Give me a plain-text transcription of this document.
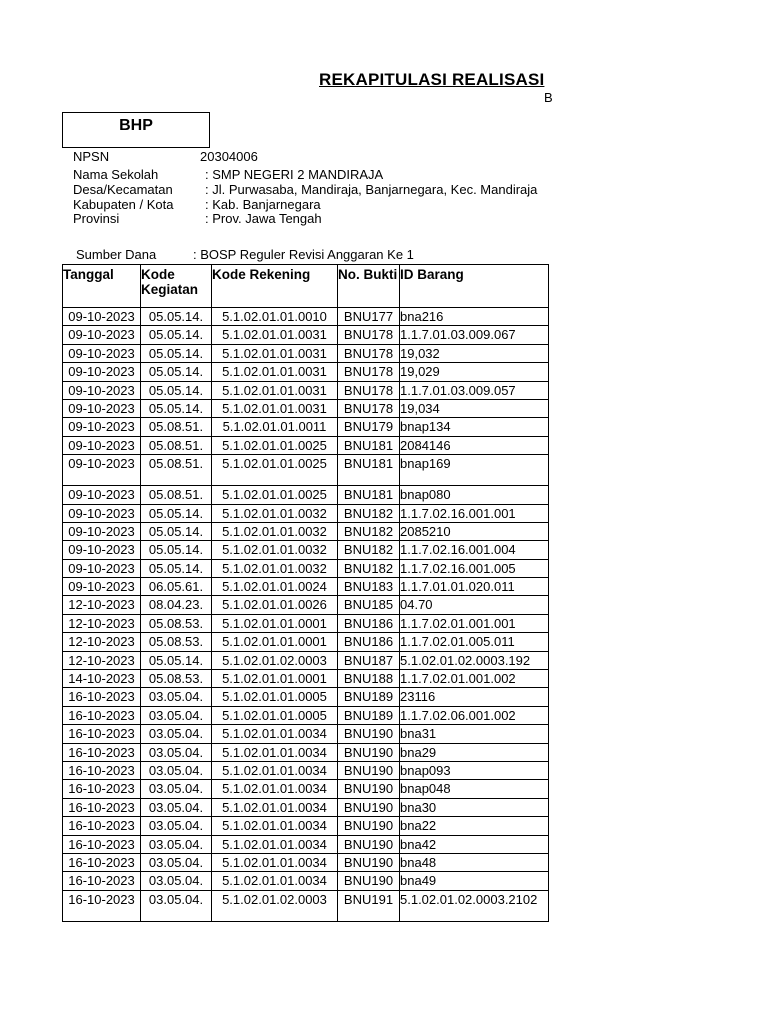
REKAPITULASI REALISASI
B
BHP
NPSN	20304006
Nama Sekolah	: SMP NEGERI 2 MANDIRAJA
Desa/Kecamatan : Jl. Purwasaba, Mandiraja, Banjarnegara, Kec. Mandiraja
Kabupaten / Kota : Kab. Banjarnegara
Provinsi	: Prov. Jawa Tengah
Sumber Dana	: BOSP Reguler Revisi Anggaran Ke 1
Tanggal	Kode Kegiatan	Kode Rekening	No. Bukti	ID Barang
09-10-2023	05.05.14.	5.1.02.01.01.0010	BNU177	bna216
09-10-2023	05.05.14.	5.1.02.01.01.0031	BNU178	1.1.7.01.03.009.067
09-10-2023	05.05.14.	5.1.02.01.01.0031	BNU178	19,032
09-10-2023	05.05.14.	5.1.02.01.01.0031	BNU178	19,029
09-10-2023	05.05.14.	5.1.02.01.01.0031	BNU178	1.1.7.01.03.009.057
09-10-2023	05.05.14.	5.1.02.01.01.0031	BNU178	19,034
09-10-2023	05.08.51.	5.1.02.01.01.0011	BNU179	bnap134
09-10-2023	05.08.51.	5.1.02.01.01.0025	BNU181	2084146
09-10-2023	05.08.51.	5.1.02.01.01.0025	BNU181	bnap169
09-10-2023	05.08.51.	5.1.02.01.01.0025	BNU181	bnap080
09-10-2023	05.05.14.	5.1.02.01.01.0032	BNU182	1.1.7.02.16.001.001
09-10-2023	05.05.14.	5.1.02.01.01.0032	BNU182	2085210
09-10-2023	05.05.14.	5.1.02.01.01.0032	BNU182	1.1.7.02.16.001.004
09-10-2023	05.05.14.	5.1.02.01.01.0032	BNU182	1.1.7.02.16.001.005
09-10-2023	06.05.61.	5.1.02.01.01.0024	BNU183	1.1.7.01.01.020.011
12-10-2023	08.04.23.	5.1.02.01.01.0026	BNU185	04.70
12-10-2023	05.08.53.	5.1.02.01.01.0001	BNU186	1.1.7.02.01.001.001
12-10-2023	05.08.53.	5.1.02.01.01.0001	BNU186	1.1.7.02.01.005.011
12-10-2023	05.05.14.	5.1.02.01.02.0003	BNU187	5.1.02.01.02.0003.192
14-10-2023	05.08.53.	5.1.02.01.01.0001	BNU188	1.1.7.02.01.001.002
16-10-2023	03.05.04.	5.1.02.01.01.0005	BNU189	23116
16-10-2023	03.05.04.	5.1.02.01.01.0005	BNU189	1.1.7.02.06.001.002
16-10-2023	03.05.04.	5.1.02.01.01.0034	BNU190	bna31
16-10-2023	03.05.04.	5.1.02.01.01.0034	BNU190	bna29
16-10-2023	03.05.04.	5.1.02.01.01.0034	BNU190	bnap093
16-10-2023	03.05.04.	5.1.02.01.01.0034	BNU190	bnap048
16-10-2023	03.05.04.	5.1.02.01.01.0034	BNU190	bna30
16-10-2023	03.05.04.	5.1.02.01.01.0034	BNU190	bna22
16-10-2023	03.05.04.	5.1.02.01.01.0034	BNU190	bna42
16-10-2023	03.05.04.	5.1.02.01.01.0034	BNU190	bna48
16-10-2023	03.05.04.	5.1.02.01.01.0034	BNU190	bna49
16-10-2023	03.05.04.	5.1.02.01.02.0003	BNU191	5.1.02.01.02.0003.2102
